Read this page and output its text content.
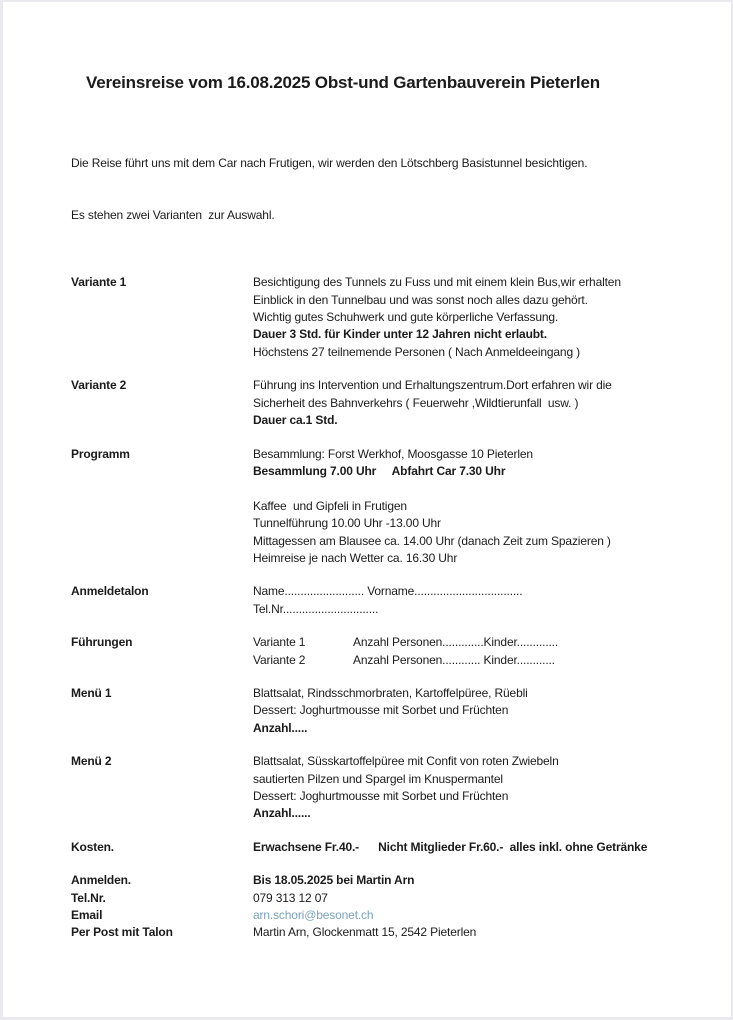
Vereinsreise vom 16.08.2025 Obst-und Gartenbauverein Pieterlen

Die Reise führt uns mit dem Car nach Frutigen, wir werden den Lötschberg Basistunnel besichtigen.

Es stehen zwei Varianten  zur Auswahl.

Variante 1	Besichtigung des Tunnels zu Fuss und mit einem klein Bus,wir erhalten
Einblick in den Tunnelbau und was sonst noch alles dazu gehört.
Wichtig gutes Schuhwerk und gute körperliche Verfassung.
Dauer 3 Std. für Kinder unter 12 Jahren nicht erlaubt.
Höchstens 27 teilnemende Personen ( Nach Anmeldeeingang )
Variante 2	Führung ins Intervention und Erhaltungszentrum.Dort erfahren wir die
Sicherheit des Bahnverkehrs ( Feuerwehr ,Wildtierunfall  usw. )
Dauer ca.1 Std.
Programm	Besammlung: Forst Werkhof, Moosgasse 10 Pieterlen
Besammlung 7.00 Uhr     Abfahrt Car 7.30 Uhr

Kaffee  und Gipfeli in Frutigen
Tunnelführung 10.00 Uhr -13.00 Uhr
Mittagessen am Blausee ca. 14.00 Uhr (danach Zeit zum Spazieren )
Heimreise je nach Wetter ca. 16.30 Uhr
Anmeldetalon	Name......................... Vorname..................................
Tel.Nr..............................
Führungen	Variante 1	Anzahl Personen.............Kinder.............
Variante 2	Anzahl Personen............ Kinder............
Menü 1	Blattsalat, Rindsschmorbraten, Kartoffelpüree, Rüebli
Dessert: Joghurtmousse mit Sorbet und Früchten
Anzahl.....
Menü 2	Blattsalat, Süsskartoffelpüree mit Confit von roten Zwiebeln
sautierten Pilzen und Spargel im Knuspermantel
Dessert: Joghurtmousse mit Sorbet und Früchten
Anzahl......
Kosten.	Erwachsene Fr.40.-      Nicht Mitglieder Fr.60.-  alles inkl. ohne Getränke
Anmelden.	Bis 18.05.2025 bei Martin Arn
Tel.Nr.	079 313 12 07
Email	arn.schori@besonet.ch
Per Post mit Talon	Martin Arn, Glockenmatt 15, 2542 Pieterlen
